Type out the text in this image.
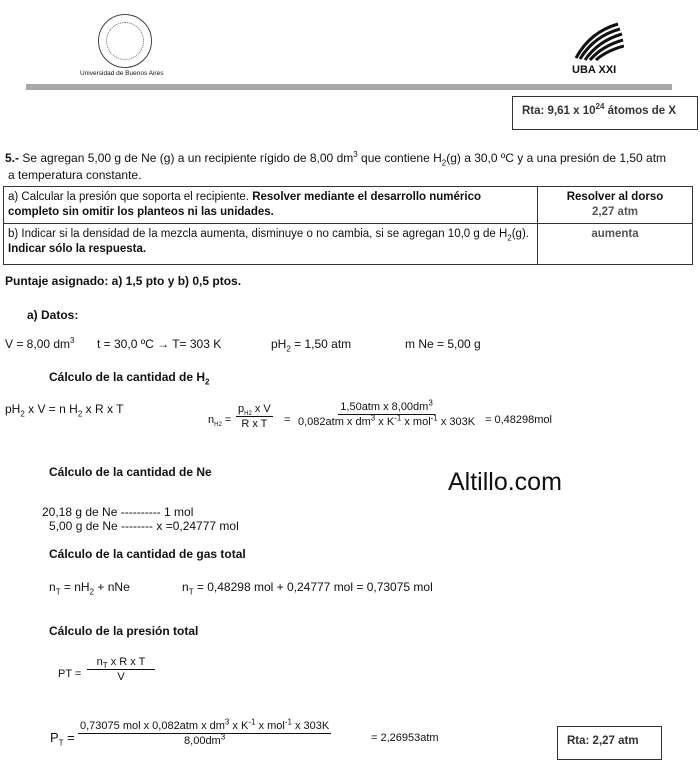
Universidad de Buenos Aires	UBA XXI
Rta: 9,61 x $10^{24}$ átomos de X
5.- Se agregan 5,00 g de Ne (g) a un recipiente rígido de 8,00 $dm^3$ que contiene $H_2(g)$ a 30,0 ºC y a una presión de 1,50 atm
a temperatura constante.
a) Calcular la presión que soporta el recipiente. Resolver mediante el desarrollo numérico completo sin omitir los planteos ni las unidades.	Resolver al dorso
2,27 atm
b) Indicar si la densidad de la mezcla aumenta, disminuye o no cambia, si se agregan 10,0 g de $H_2(g)$. Indicar sólo la respuesta.	aumenta
Puntaje asignado: a) 1,5 pto y b) 0,5 ptos.
a) Datos:
V = 8,00 $dm^3$ t = 30,0 ºC → T= 303 K	$pH_2 = 1,50$ atm	m Ne = 5,00 g
Cálculo de la cantidad de $H_2$
$pH_2$ x V = n $H_2$ x R x T
$n_{H2} = \frac{p_{H2} x V}{\text{R x T}}$ =
1,50atm x $8,00dm^3$
0,082atm x $dm^3$ x $K^{-1}$ x mol$^{-1}$ x 303K = 0,48298mol
Cálculo de la cantidad de Ne
20,18 g de Ne ---------- 1 mol
5,00 g de Ne -------- x =0,24777 mol
Altillo.com
Cálculo de la cantidad de gas total
$n_T = nH_2$ + nNe	$n_T = 0,48298$ mol + 0,24777 mol = 0,73075 mol
Cálculo de la presión total
PT = $\frac{n_T x R x T}{V}$
$P_T$ =
0,73075 mol x 0,082atm x $dm^3$ x $K^{-1}$ x mol$^{-1}$ x 303K
$8,00dm^3$	= 2,26953atm	Rta: 2,27 atm
